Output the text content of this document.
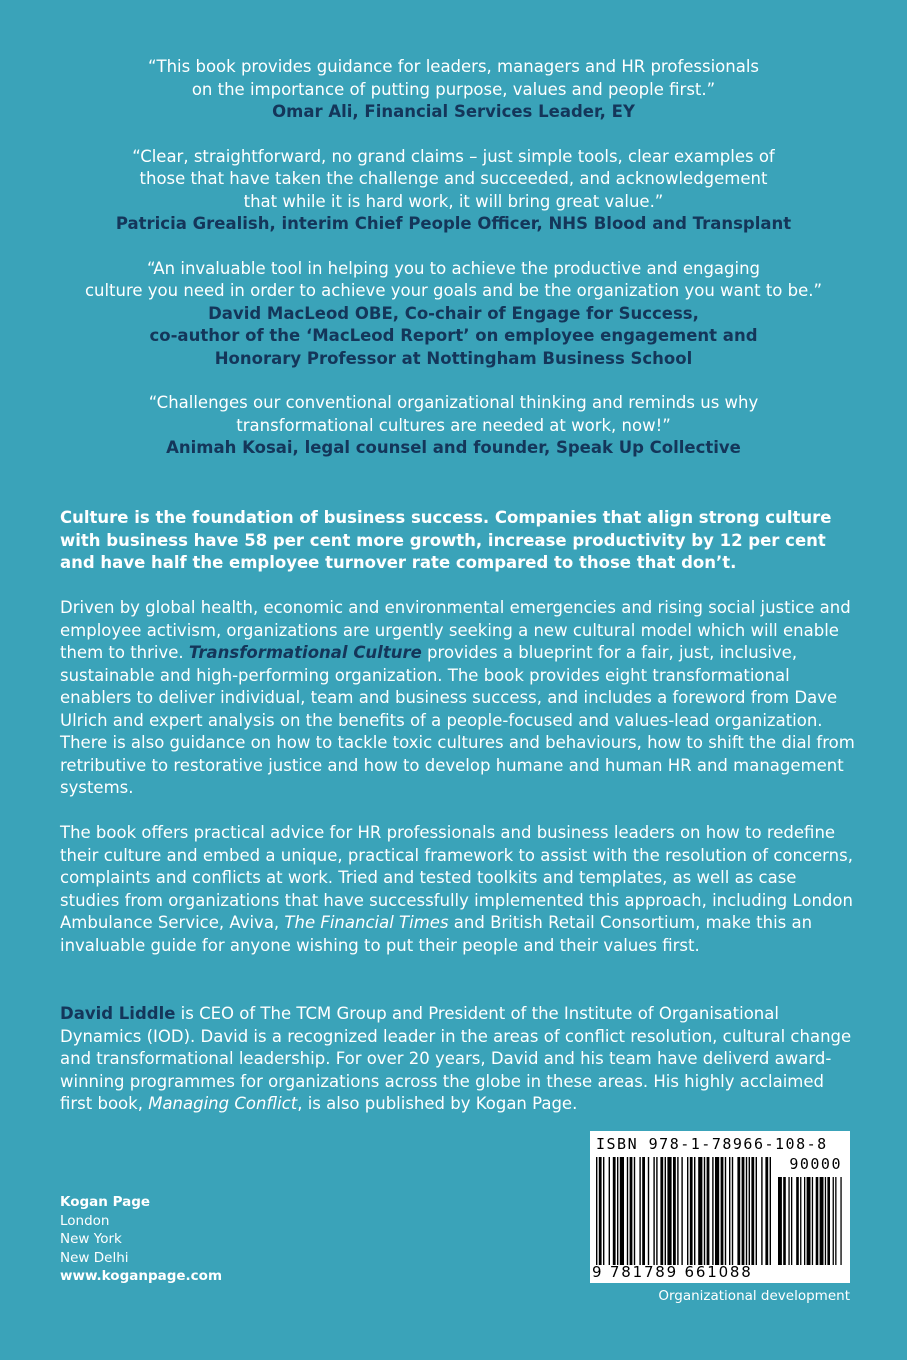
“This book provides guidance for leaders, managers and HR professionals

on the importance of putting purpose, values and people first.”

Omar Ali, Financial Services Leader, EY

“Clear, straightforward, no grand claims – just simple tools, clear examples of

those that have taken the challenge and succeeded, and acknowledgement

that while it is hard work, it will bring great value.”

Patricia Grealish, interim Chief People Officer, NHS Blood and Transplant

“An invaluable tool in helping you to achieve the productive and engaging

culture you need in order to achieve your goals and be the organization you want to be.”

David MacLeod OBE, Co-chair of Engage for Success,

co-author of the ‘MacLeod Report’ on employee engagement and

Honorary Professor at Nottingham Business School

“Challenges our conventional organizational thinking and reminds us why

transformational cultures are needed at work, now!”

Animah Kosai, legal counsel and founder, Speak Up Collective

Culture is the foundation of business success. Companies that align strong culture with business have 58 per cent more growth, increase productivity by 12 per cent and have half the employee turnover rate compared to those that don’t.

Driven by global health, economic and environmental emergencies and rising social justice and employee activism, organizations are urgently seeking a new cultural model which will enable them to thrive. Transformational Culture provides a blueprint for a fair, just, inclusive, sustainable and high-performing organization. The book provides eight transformational enablers to deliver individual, team and business success, and includes a foreword from Dave Ulrich and expert analysis on the benefits of a people-focused and values-lead organization. There is also guidance on how to tackle toxic cultures and behaviours, how to shift the dial from retributive to restorative justice and how to develop humane and human HR and management systems.

The book offers practical advice for HR professionals and business leaders on how to redefine their culture and embed a unique, practical framework to assist with the resolution of concerns, complaints and conflicts at work. Tried and tested toolkits and templates, as well as case studies from organizations that have successfully implemented this approach, including London Ambulance Service, Aviva, The Financial Times and British Retail Consortium, make this an invaluable guide for anyone wishing to put their people and their values first.

David Liddle is CEO of The TCM Group and President of the Institute of Organisational Dynamics (IOD). David is a recognized leader in the areas of conflict resolution, cultural change and transformational leadership. For over 20 years, David and his team have deliverd award-winning programmes for organizations across the globe in these areas. His highly acclaimed first book, Managing Conflict, is also published by Kogan Page.

Kogan Page
London
New York
New Delhi
www.koganpage.com
ISBN 978-1-78966-108-8
90000
9 781789 661088
Organizational development
